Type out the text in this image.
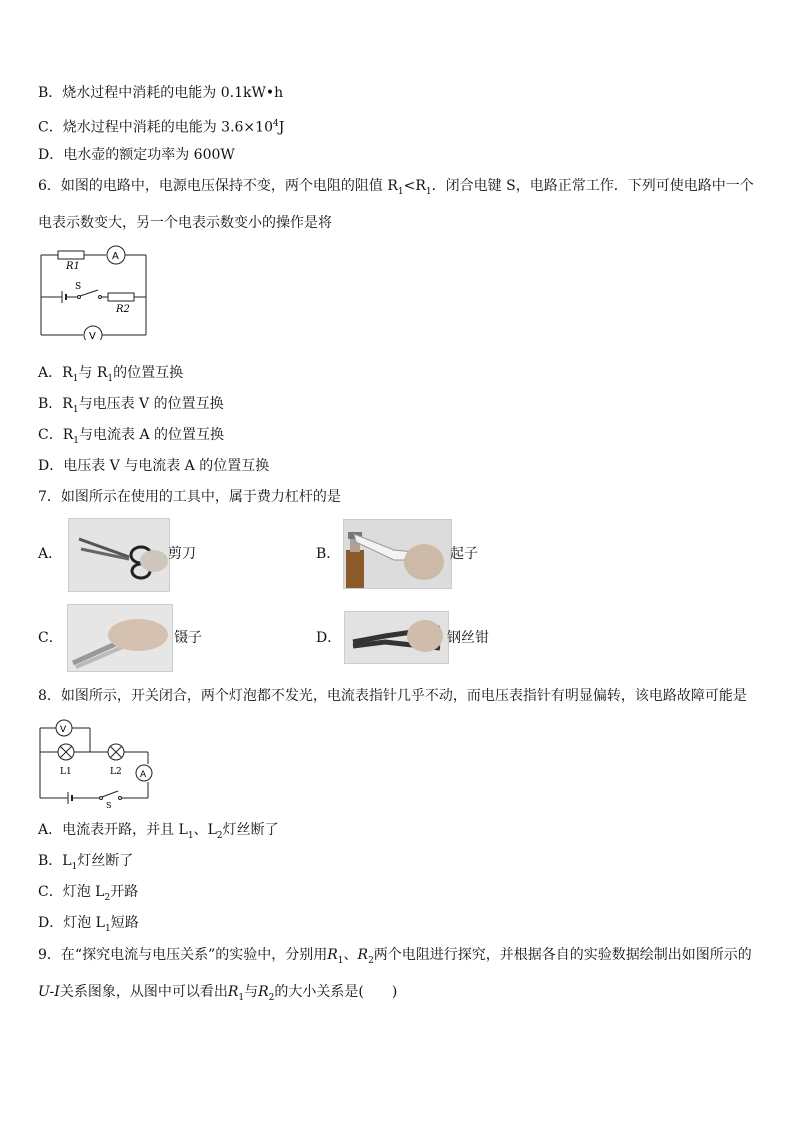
B．烧水过程中消耗的电能为 0.1kW•h
C．烧水过程中消耗的电能为 $3.6\times 10^4J$
D．电水壶的额定功率为 600W
6．如图的电路中，电源电压保持不变，两个电阻的阻值 $R_1<R_1$．闭合电键 S，电路正常工作．下列可使电路中一个电表示数变大，另一个电表示数变小的操作是将
R1
A
S
R2
V
A．$R_1$与 $R_1$的位置互换
B．$R_1$与电压表 V 的位置互换
C．$R_1$与电流表 A 的位置互换
D．电压表 V 与电流表 A 的位置互换
7．如图所示在使用的工具中，属于费力杠杆的是
A．	剪刀	B．	起子
C．	镊子	D．	钢丝钳
8．如图所示，开关闭合，两个灯泡都不发光，电流表指针几乎不动，而电压表指针有明显偏转，该电路故障可能是
V
L1	L2 A
S
A．电流表开路，并且 $L_1$、$L_2$灯丝断了
B．$L_1$灯丝断了
C．灯泡 $L_2$开路
D．灯泡 $L_1$短路
9．在“探究电流与电压关系”的实验中，分别用$R_1$、$R_2$两个电阻进行探究，并根据各自的实验数据绘制出如图所示的U-I关系图象，从图中可以看出$R_1$与$R_2$的大小关系是(　　)
